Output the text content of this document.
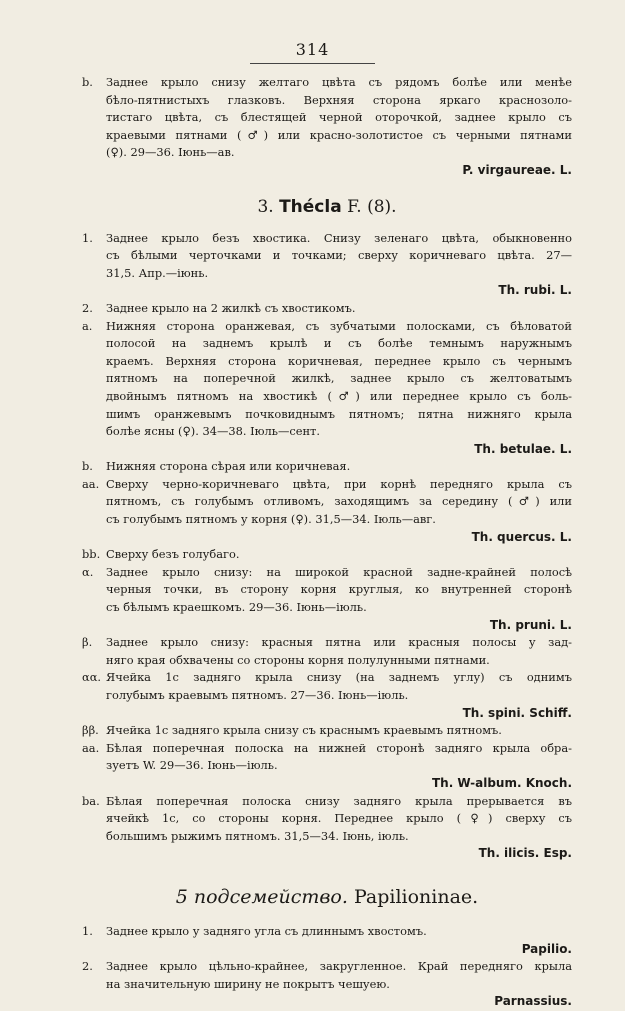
314
b.	Заднее крыло снизу желтаго цвѣта съ рядомъ болѣе или менѣе
бѣло-пятнистыхъ глазковъ. Верхняя сторона яркаго краснозоло-
тистаго цвѣта, съ блестящей черной оторочкой, заднее крыло съ
краевыми пятнами (♂) или красно-золотистое съ черными пятнами
(♀). 29—36. Іюнь—ав.
P. virgaureae. L.
3. Thécla F. (8).
1.	Заднее крыло безъ хвостика. Снизу зеленаго цвѣта, обыкновенно
съ бѣлыми черточками и точками; сверху коричневаго цвѣта. 27—
31,5. Апр.—іюнь.
Th. rubi. L.
2.	Заднее крыло на 2 жилкѣ съ хвостикомъ.
a.	Нижняя сторона оранжевая, съ зубчатыми полосками, съ бѣловатой
полосой на заднемъ крылѣ и съ болѣе темнымъ наружнымъ
краемъ. Верхняя сторона коричневая, переднее крыло съ чернымъ
пятномъ на поперечной жилкѣ, заднее крыло съ желтоватымъ
двойнымъ пятномъ на хвостикѣ (♂) или переднее крыло съ боль-
шимъ оранжевымъ почковиднымъ пятномъ; пятна нижняго крыла
болѣе ясны (♀). 34—38. Іюль—сент.
Th. betulae. L.
b.	Нижняя сторона сѣрая или коричневая.
aa. Сверху черно-коричневаго цвѣта, при корнѣ передняго крыла съ
пятномъ, съ голубымъ отливомъ, заходящимъ за середину (♂) или
съ голубымъ пятномъ у корня (♀). 31,5—34. Іюль—авг.
Th. quercus. L.
bb. Сверху безъ голубаго.
α.	Заднее крыло снизу: на широкой красной задне-крайней полосѣ
черныя точки, въ сторону корня круглыя, ко внутренней сторонѣ
съ бѣлымъ краешкомъ. 29—36. Іюнь—іюль.
Th. pruni. L.
β.	Заднее крыло снизу: красныя пятна или красныя полосы у зад-
няго края обхвачены со стороны корня полулунными пятнами.
αα. Ячейка 1с задняго крыла снизу (на заднемъ углу) съ однимъ
голубымъ краевымъ пятномъ. 27—36. Іюнь—іюль.
Th. spini. Schiff.
ββ. Ячейка 1с задняго крыла снизу съ краснымъ краевымъ пятномъ.
aa. Бѣлая поперечная полоска на нижней сторонѣ задняго крыла обра-
зуетъ W. 29—36. Іюнь—іюль.
Th. W-album. Knoch.
ba. Бѣлая поперечная полоска снизу задняго крыла прерывается въ
ячейкѣ 1с, со стороны корня. Переднее крыло (♀) сверху съ
большимъ рыжимъ пятномъ. 31,5—34. Іюнь, іюль.
Th. ilicis. Esp.
5 подсемейство. Papilioninae.
1.	Заднее крыло у задняго угла съ длиннымъ хвостомъ.
Papilio.
2.	Заднее крыло цѣльно-крайнее, закругленное. Край передняго крыла
на значительную ширину не покрытъ чешуею.
Parnassius.
